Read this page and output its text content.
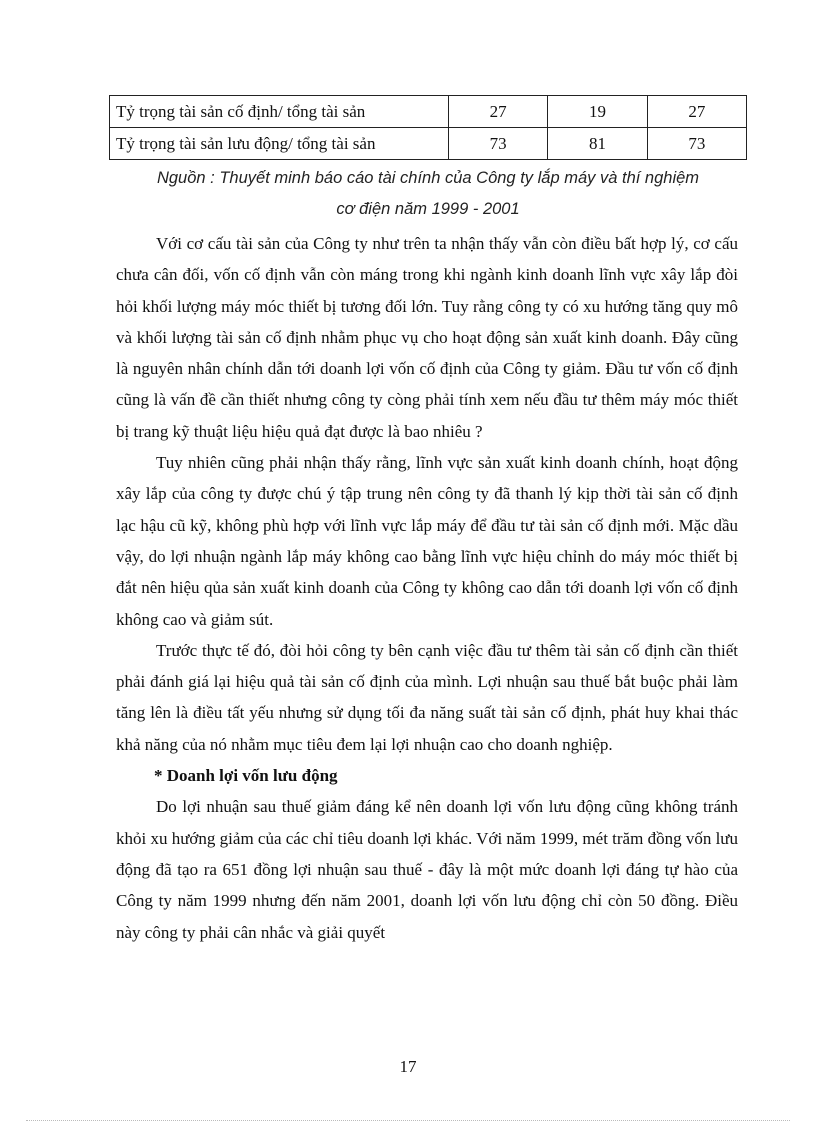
Tỷ trọng tài sản cố định/ tổng tài sản	27	19	27
Tỷ trọng tài sản lưu động/ tổng tài sản	73	81	73
Nguồn : Thuyết minh báo cáo tài chính của Công ty lắp máy và thí nghiệm
cơ điện năm 1999 - 2001

Với cơ cấu tài sản của Công ty như trên ta nhận thấy vẫn còn điều bất hợp lý, cơ cấu chưa cân đối, vốn cố định vẫn còn máng trong khi ngành kinh doanh lĩnh vực xây lắp đòi hỏi khối lượng máy móc thiết bị tương đối lớn. Tuy rằng công ty có xu hướng tăng quy mô và khối lượng tài sản cố định nhằm phục vụ cho hoạt động sản xuất kinh doanh. Đây cũng là nguyên nhân chính dẫn tới doanh lợi vốn cố định của Công ty giảm. Đầu tư vốn cố định cũng là vấn đề cần thiết nhưng công ty còng phải tính xem nếu đầu tư thêm máy móc thiết bị trang kỹ thuật liệu hiệu quả đạt được là bao nhiêu ?

Tuy nhiên cũng phải nhận thấy rằng, lĩnh vực sản xuất kinh doanh chính, hoạt động xây lắp của công ty được chú ý tập trung nên công ty đã thanh lý kịp thời tài sản cố định lạc hậu cũ kỹ, không phù hợp với lĩnh vực lắp máy để đầu tư tài sản cố định mới. Mặc dầu vậy, do lợi nhuận ngành lắp máy không cao bằng lĩnh vực hiệu chỉnh do máy móc thiết bị đắt nên hiệu qủa sản xuất kinh doanh của Công ty không cao dẫn tới doanh lợi vốn cố định không cao và giảm sút.

Trước thực tế đó, đòi hỏi công ty bên cạnh việc đầu tư thêm tài sản cố định cần thiết phải đánh giá lại hiệu quả tài sản cố định của mình. Lợi nhuận sau thuế bắt buộc phải làm tăng lên là điều tất yếu nhưng sử dụng tối đa năng suất tài sản cố định, phát huy khai thác khả năng của nó nhằm mục tiêu đem lại lợi nhuận cao cho doanh nghiệp.

* Doanh lợi vốn lưu động

Do lợi nhuận sau thuế giảm đáng kể nên doanh lợi vốn lưu động cũng không tránh khỏi xu hướng giảm của các chỉ tiêu doanh lợi khác. Với năm 1999, mét trăm đồng vốn lưu động đã tạo ra 651 đồng lợi nhuận sau thuế - đây là một mức doanh lợi đáng tự hào của Công ty năm 1999 nhưng đến năm 2001, doanh lợi vốn lưu động chỉ còn 50 đồng. Điều này công ty phải cân nhắc và giải quyết

17
